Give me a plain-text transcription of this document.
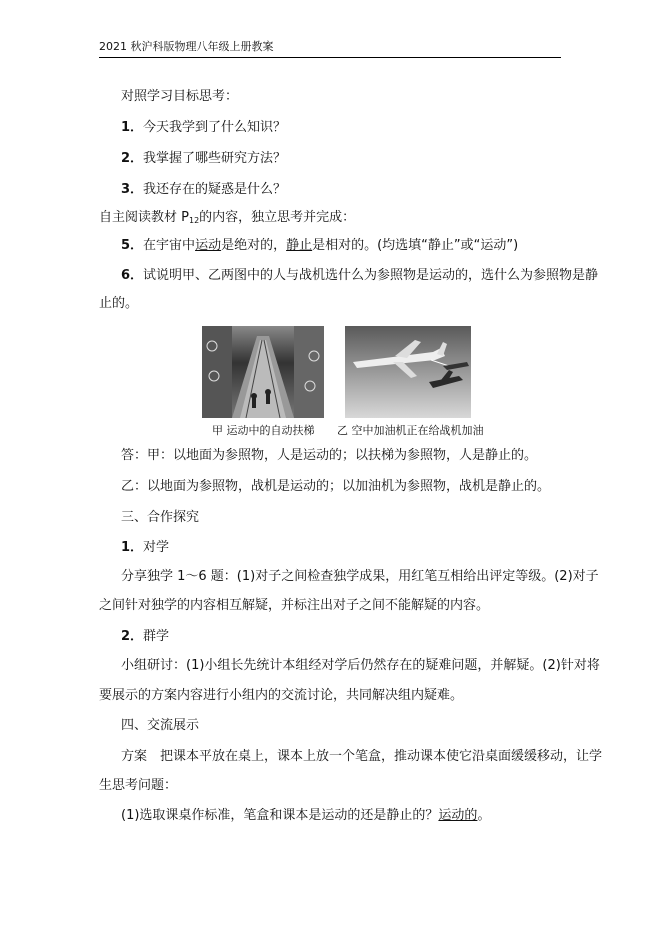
2021 秋沪科版物理八年级上册教案
对照学习目标思考：
1．今天我学到了什么知识？
2．我掌握了哪些研究方法？
3．我还存在的疑惑是什么？
自主阅读教材 $P_{12}$的内容，独立思考并完成：
5．在宇宙中运动是绝对的，静止是相对的。(均选填“静止”或“运动”)
6．试说明甲、乙两图中的人与战机选什么为参照物是运动的，选什么为参照物是静
止的。
甲 运动中的自动扶梯 乙 空中加油机正在给战机加油
答：甲：以地面为参照物，人是运动的；以扶梯为参照物，人是静止的。
乙：以地面为参照物，战机是运动的；以加油机为参照物，战机是静止的。
三、合作探究
1．对学
分享独学 1～6 题：(1)对子之间检查独学成果，用红笔互相给出评定等级。(2)对子
之间针对独学的内容相互解疑，并标注出对子之间不能解疑的内容。
2．群学
小组研讨：(1)小组长先统计本组经对学后仍然存在的疑难问题，并解疑。(2)针对将
要展示的方案内容进行小组内的交流讨论，共同解决组内疑难。
四、交流展示
方案　把课本平放在桌上，课本上放一个笔盒，推动课本使它沿桌面缓缓移动，让学
生思考问题：
(1)选取课桌作标准，笔盒和课本是运动的还是静止的？运动的。
